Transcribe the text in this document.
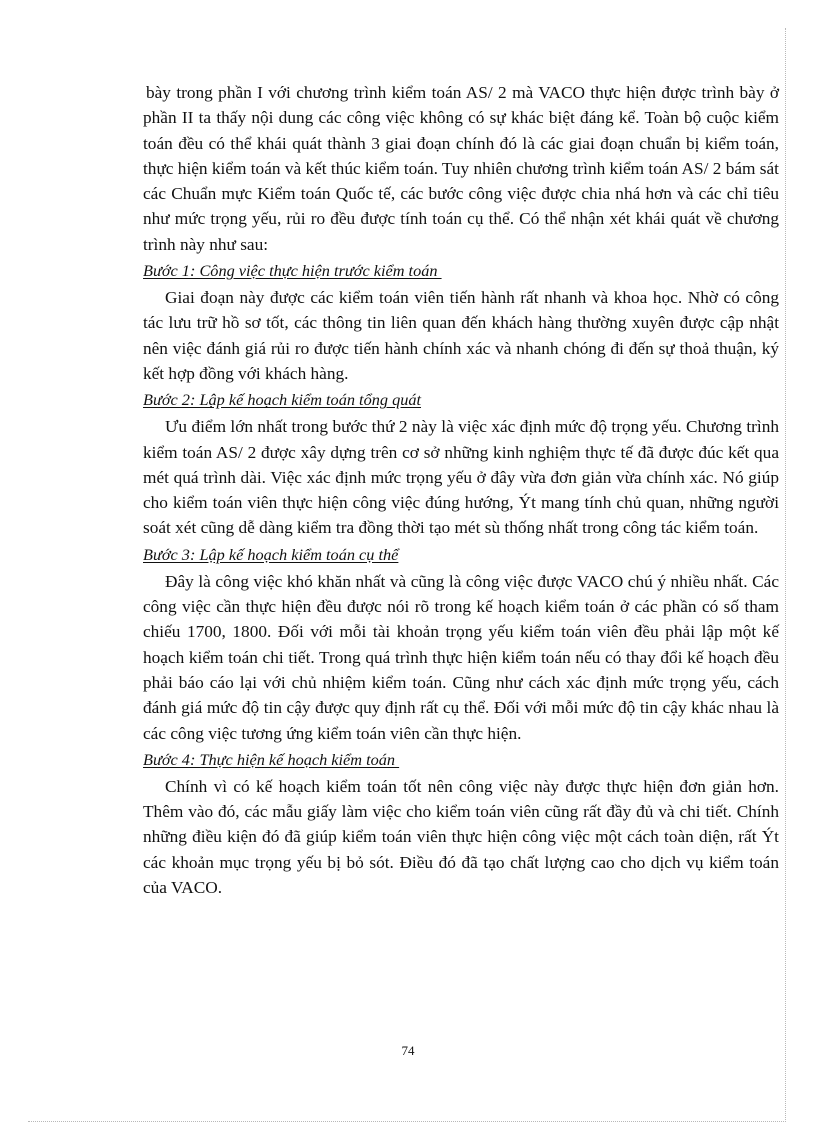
bày trong phần I với chương trình kiểm toán AS/ 2 mà VACO thực hiện được trình bày ở phần II ta thấy nội dung các công việc không có sự khác biệt đáng kể. Toàn bộ cuộc kiểm toán đều có thể khái quát thành 3 giai đoạn chính đó là các giai đoạn chuẩn bị kiểm toán, thực hiện kiểm toán và kết thúc kiểm toán. Tuy nhiên chương trình kiểm toán AS/ 2 bám sát các Chuẩn mực Kiểm toán Quốc tế, các bước công việc được chia nhá hơn và các chỉ tiêu như mức trọng yếu, rủi ro đều được tính toán cụ thể. Có thể nhận xét khái quát về chương trình này như sau:

Bước 1: Công việc thực hiện trước kiểm toán

Giai đoạn này được các kiểm toán viên tiến hành rất nhanh và khoa học. Nhờ có công tác lưu trữ hồ sơ tốt, các thông tin liên quan đến khách hàng thường xuyên được cập nhật nên việc đánh giá rủi ro được tiến hành chính xác và nhanh chóng đi đến sự thoả thuận, ký kết hợp đồng với khách hàng.

Bước 2: Lập kế hoạch kiểm toán tổng quát

Ưu điểm lớn nhất trong bước thứ 2 này là việc xác định mức độ trọng yếu. Chương trình kiểm toán AS/ 2 được xây dựng trên cơ sở những kinh nghiệm thực tế đã được đúc kết qua mét quá trình dài. Việc xác định mức trọng yếu ở đây vừa đơn giản vừa chính xác. Nó giúp cho kiểm toán viên thực hiện công việc đúng hướng, Ýt mang tính chủ quan, những người soát xét cũng dễ dàng kiểm tra đồng thời tạo mét sù thống nhất trong công tác kiểm toán.

Bước 3: Lập kế hoạch kiểm toán cụ thể

Đây là công việc khó khăn nhất và cũng là công việc được VACO chú ý nhiều nhất. Các công việc cần thực hiện đều được nói rõ trong kế hoạch kiểm toán ở các phần có số tham chiếu 1700, 1800. Đối với mỗi tài khoản trọng yếu kiểm toán viên đều phải lập một kế hoạch kiểm toán chi tiết. Trong quá trình thực hiện kiểm toán nếu có thay đổi kế hoạch đều phải báo cáo lại với chủ nhiệm kiểm toán. Cũng như cách xác định mức trọng yếu, cách đánh giá mức độ tin cậy được quy định rất cụ thể. Đối với mỗi mức độ tin cậy khác nhau là các công việc tương ứng kiểm toán viên cần thực hiện.

Bước 4: Thực hiện kế hoạch kiểm toán

Chính vì có kế hoạch kiểm toán tốt nên công việc này được thực hiện đơn giản hơn. Thêm vào đó, các mẫu giấy làm việc cho kiểm toán viên cũng rất đầy đủ và chi tiết. Chính những điều kiện đó đã giúp kiểm toán viên thực hiện công việc một cách toàn diện, rất Ýt các khoản mục trọng yếu bị bỏ sót. Điều đó đã tạo chất lượng cao cho dịch vụ kiểm toán của VACO.

74
